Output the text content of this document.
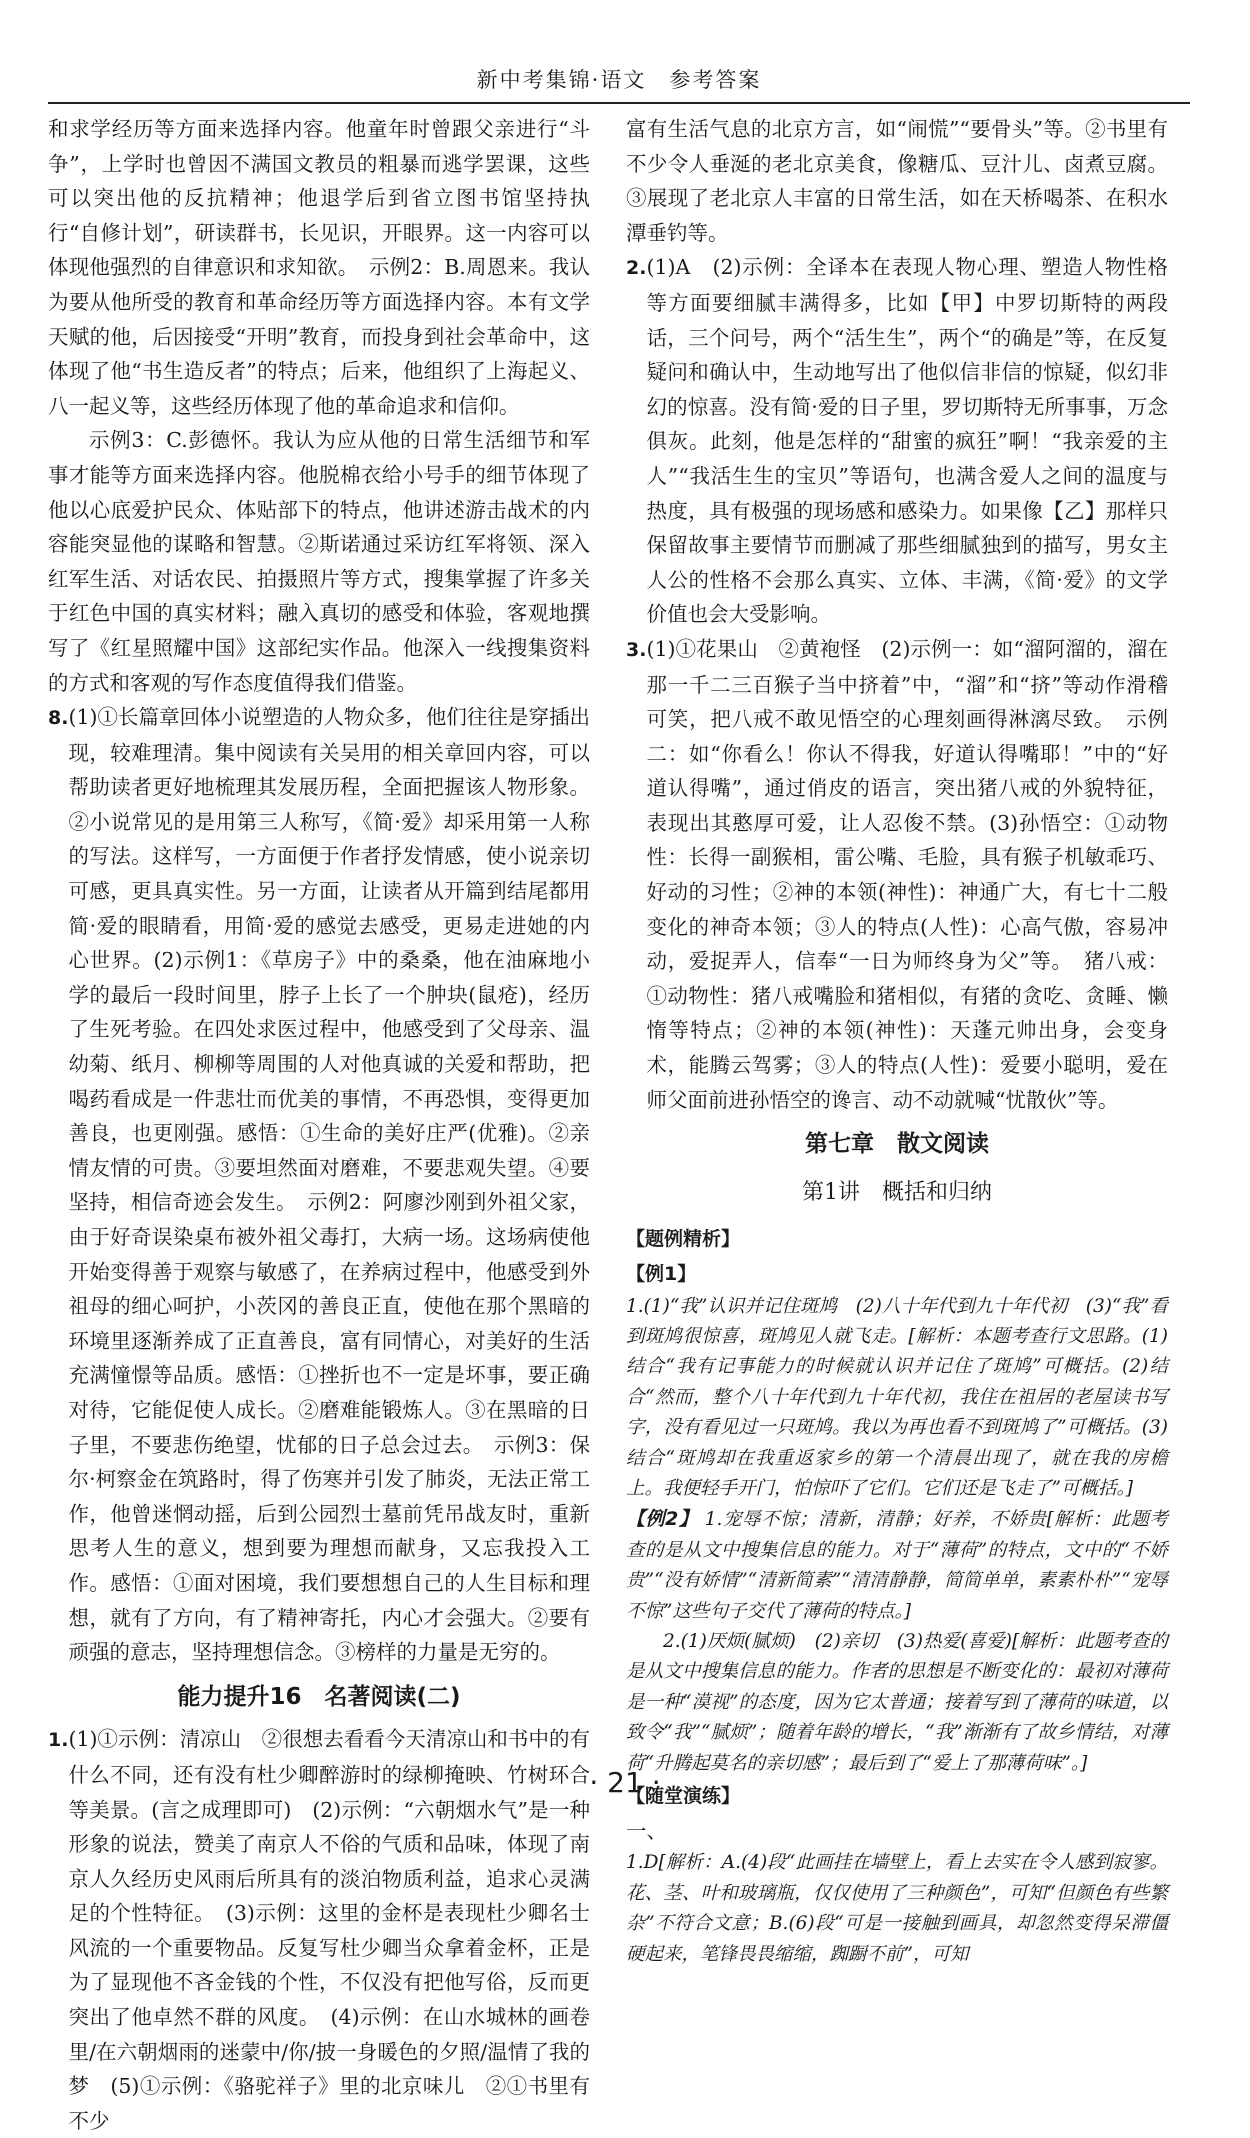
新中考集锦·语文　参考答案

和求学经历等方面来选择内容。他童年时曾跟父亲进行“斗争”，上学时也曾因不满国文教员的粗暴而逃学罢课，这些可以突出他的反抗精神；他退学后到省立图书馆坚持执行“自修计划”，研读群书，长见识，开眼界。这一内容可以体现他强烈的自律意识和求知欲。　示例2：B.周恩来。我认为要从他所受的教育和革命经历等方面选择内容。本有文学天赋的他，后因接受“开明”教育，而投身到社会革命中，这体现了他“书生造反者”的特点；后来，他组织了上海起义、八一起义等，这些经历体现了他的革命追求和信仰。

示例3：C.彭德怀。我认为应从他的日常生活细节和军事才能等方面来选择内容。他脱棉衣给小号手的细节体现了他以心底爱护民众、体贴部下的特点，他讲述游击战术的内容能突显他的谋略和智慧。②斯诺通过采访红军将领、深入红军生活、对话农民、拍摄照片等方式，搜集掌握了许多关于红色中国的真实材料；融入真切的感受和体验，客观地撰写了《红星照耀中国》这部纪实作品。他深入一线搜集资料的方式和客观的写作态度值得我们借鉴。

8.(1)①长篇章回体小说塑造的人物众多，他们往往是穿插出现，较难理清。集中阅读有关吴用的相关章回内容，可以帮助读者更好地梳理其发展历程，全面把握该人物形象。②小说常见的是用第三人称写，《简·爱》却采用第一人称的写法。这样写，一方面便于作者抒发情感，使小说亲切可感，更具真实性。另一方面，让读者从开篇到结尾都用简·爱的眼睛看，用简·爱的感觉去感受，更易走进她的内心世界。(2)示例1：《草房子》中的桑桑，他在油麻地小学的最后一段时间里，脖子上长了一个肿块(鼠疮)，经历了生死考验。在四处求医过程中，他感受到了父母亲、温幼菊、纸月、柳柳等周围的人对他真诚的关爱和帮助，把喝药看成是一件悲壮而优美的事情，不再恐惧，变得更加善良，也更刚强。感悟：①生命的美好庄严(优雅)。②亲情友情的可贵。③要坦然面对磨难，不要悲观失望。④要坚持，相信奇迹会发生。　示例2：阿廖沙刚到外祖父家，由于好奇误染桌布被外祖父毒打，大病一场。这场病使他开始变得善于观察与敏感了，在养病过程中，他感受到外祖母的细心呵护，小茨冈的善良正直，使他在那个黑暗的环境里逐渐养成了正直善良，富有同情心，对美好的生活充满憧憬等品质。感悟：①挫折也不一定是坏事，要正确对待，它能促使人成长。②磨难能锻炼人。③在黑暗的日子里，不要悲伤绝望，忧郁的日子总会过去。　示例3：保尔·柯察金在筑路时，得了伤寒并引发了肺炎，无法正常工作，他曾迷惘动摇，后到公园烈士墓前凭吊战友时，重新思考人生的意义，想到要为理想而献身，又忘我投入工作。感悟：①面对困境，我们要想想自己的人生目标和理想，就有了方向，有了精神寄托，内心才会强大。②要有顽强的意志，坚持理想信念。③榜样的力量是无穷的。

能力提升16　名著阅读(二)

1.(1)①示例：清凉山　②很想去看看今天清凉山和书中的有什么不同，还有没有杜少卿醉游时的绿柳掩映、竹树环合等美景。(言之成理即可)　(2)示例：“六朝烟水气”是一种形象的说法，赞美了南京人不俗的气质和品味，体现了南京人久经历史风雨后所具有的淡泊物质利益，追求心灵满足的个性特征。　(3)示例：这里的金杯是表现杜少卿名士风流的一个重要物品。反复写杜少卿当众拿着金杯，正是为了显现他不吝金钱的个性，不仅没有把他写俗，反而更突出了他卓然不群的风度。　(4)示例：在山水城林的画卷里/在六朝烟雨的迷蒙中/你/披一身暖色的夕照/温情了我的梦　(5)①示例：《骆驼祥子》里的北京味儿　②①书里有不少

富有生活气息的北京方言，如“闹慌”“要骨头”等。②书里有不少令人垂涎的老北京美食，像糖瓜、豆汁儿、卤煮豆腐。③展现了老北京人丰富的日常生活，如在天桥喝茶、在积水潭垂钓等。

2.(1)A　(2)示例：全译本在表现人物心理、塑造人物性格等方面要细腻丰满得多，比如【甲】中罗切斯特的两段话，三个问号，两个“活生生”，两个“的确是”等，在反复疑问和确认中，生动地写出了他似信非信的惊疑，似幻非幻的惊喜。没有简·爱的日子里，罗切斯特无所事事，万念俱灰。此刻，他是怎样的“甜蜜的疯狂”啊！“我亲爱的主人”“我活生生的宝贝”等语句，也满含爱人之间的温度与热度，具有极强的现场感和感染力。如果像【乙】那样只保留故事主要情节而删减了那些细腻独到的描写，男女主人公的性格不会那么真实、立体、丰满，《简·爱》的文学价值也会大受影响。

3.(1)①花果山　②黄袍怪　(2)示例一：如“溜阿溜的，溜在那一千二三百猴子当中挤着”中，“溜”和“挤”等动作滑稽可笑，把八戒不敢见悟空的心理刻画得淋漓尽致。　示例二：如“你看么！你认不得我，好道认得嘴耶！”中的“好道认得嘴”，通过俏皮的语言，突出猪八戒的外貌特征，表现出其憨厚可爱，让人忍俊不禁。(3)孙悟空：①动物性：长得一副猴相，雷公嘴、毛脸，具有猴子机敏乖巧、好动的习性；②神的本领(神性)：神通广大，有七十二般变化的神奇本领；③人的特点(人性)：心高气傲，容易冲动，爱捉弄人，信奉“一日为师终身为父”等。　猪八戒：①动物性：猪八戒嘴脸和猪相似，有猪的贪吃、贪睡、懒惰等特点；②神的本领(神性)：天蓬元帅出身，会变身术，能腾云驾雾；③人的特点(人性)：爱要小聪明，爱在师父面前进孙悟空的谗言、动不动就喊“忧散伙”等。

第七章　散文阅读
第1讲　概括和归纳

【题例精析】

【例1】

1.(1)“我”认识并记住斑鸠　(2)八十年代到九十年代初　(3)“我”看到斑鸠很惊喜，斑鸠见人就飞走。[解析：本题考查行文思路。(1)结合“我有记事能力的时候就认识并记住了斑鸠”可概括。(2)结合“然而，整个八十年代到九十年代初，我住在祖居的老屋读书写字，没有看见过一只斑鸠。我以为再也看不到斑鸠了”可概括。(3)结合“斑鸠却在我重返家乡的第一个清晨出现了，就在我的房檐上。我便轻手开门，怕惊吓了它们。它们还是飞走了”可概括。]

【例2】 1.宠辱不惊；清新，清静；好养，不娇贵[解析：此题考查的是从文中搜集信息的能力。对于“薄荷”的特点，文中的“不娇贵”“没有娇情”“清新简素”“清清静静，简简单单，素素朴朴”“宠辱不惊”这些句子交代了薄荷的特点。]

2.(1)厌烦(腻烦)　(2)亲切　(3)热爱(喜爱)[解析：此题考查的是从文中搜集信息的能力。作者的思想是不断变化的：最初对薄荷是一种“漠视”的态度，因为它太普通；接着写到了薄荷的味道，以致令“我”“腻烦”；随着年龄的增长，“我”渐渐有了故乡情结，对薄荷“升腾起莫名的亲切感”；最后到了“爱上了那薄荷味”。]

【随堂演练】

一、

1.D[解析：A.(4)段“此画挂在墙壁上，看上去实在令人感到寂寥。花、茎、叶和玻璃瓶，仅仅使用了三种颜色”，可知“但颜色有些繁杂”不符合文意；B.(6)段“可是一接触到画具，却忽然变得呆滞僵硬起来，笔锋畏畏缩缩，踟蹰不前”，可知

· 21 ·
